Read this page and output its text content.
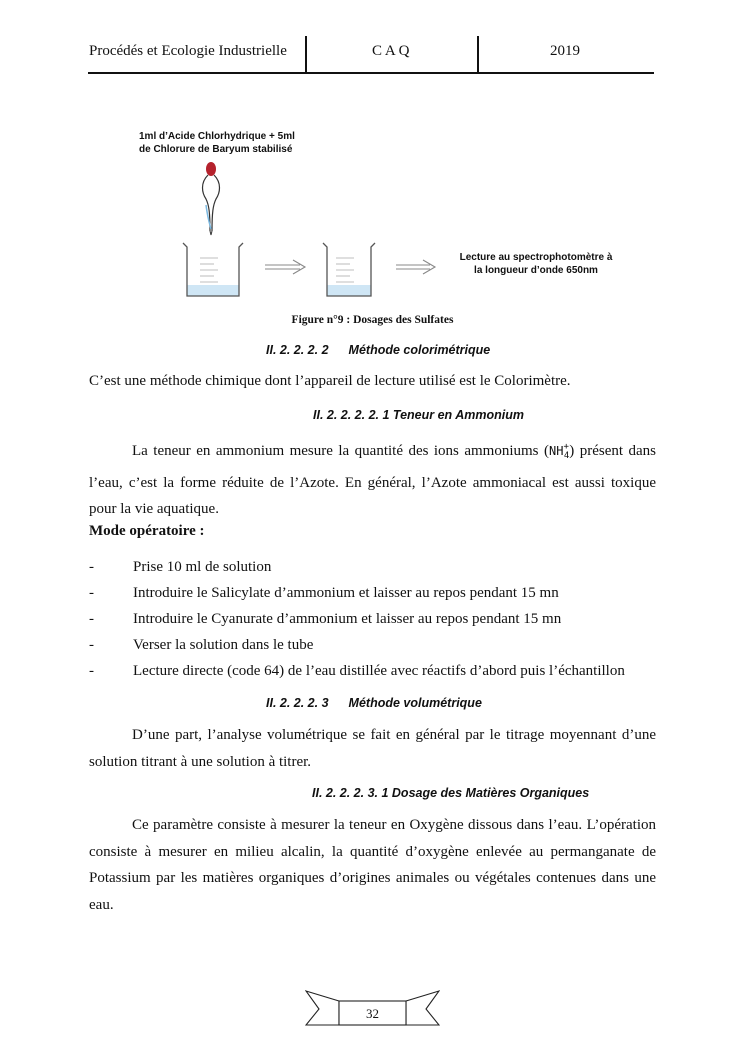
Procédés et Ecologie Industrielle	C A Q	2019
1ml d’Acide Chlorhydrique + 5ml
de Chlorure de Baryum stabilisé
Lecture au spectrophotomètre à
la longueur d’onde 650nm
Figure n°9 : Dosages des Sulfates
II. 2. 2. 2. 2 Méthode colorimétrique
C’est une méthode chimique dont l’appareil de lecture utilisé est le Colorimètre.
II. 2. 2. 2. 2. 1 Teneur en Ammonium
La teneur en ammonium mesure la quantité des ions ammoniums $(NH^+_4)$ présent dans l’eau, c’est la forme réduite de l’Azote. En général, l’Azote ammoniacal est aussi toxique pour la vie aquatique.
Mode opératoire :
-	Prise 10 ml de solution
-	Introduire le Salicylate d’ammonium et laisser au repos pendant 15 mn
-	Introduire le Cyanurate d’ammonium et laisser au repos pendant 15 mn
-	Verser la solution dans le tube
-	Lecture directe (code 64) de l’eau distillée avec réactifs d’abord puis l’échantillon
II. 2. 2. 2. 3 Méthode volumétrique
D’une part, l’analyse volumétrique se fait en général par le titrage moyennant d’une solution titrant à une solution à titrer.
II. 2. 2. 2. 3. 1 Dosage des Matières Organiques
Ce paramètre consiste à mesurer la teneur en Oxygène dissous dans l’eau. L’opération consiste à mesurer en milieu alcalin, la quantité d’oxygène enlevée au permanganate de Potassium par les matières organiques d’origines animales ou végétales contenues dans une eau.
32
